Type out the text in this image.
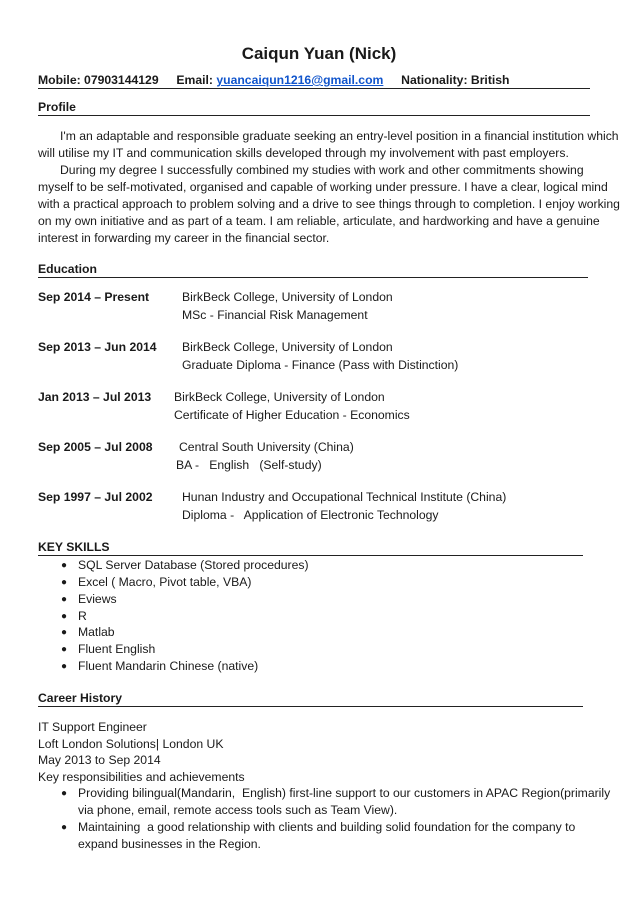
Caiqun Yuan (Nick)
Mobile: 07903144129 Email: yuancaiqun1216@gmail.com Nationality: British
Profile
I'm an adaptable and responsible graduate seeking an entry-level position in a financial institution which
will utilise my IT and communication skills developed through my involvement with past employers.
During my degree I successfully combined my studies with work and other commitments showing
myself to be self-motivated, organised and capable of working under pressure. I have a clear, logical mind
with a practical approach to problem solving and a drive to see things through to completion. I enjoy working
on my own initiative and as part of a team. I am reliable, articulate, and hardworking and have a genuine
interest in forwarding my career in the financial sector.
Education
Sep 2014 – Present	BirkBeck College, University of London
MSc - Financial Risk Management
Sep 2013 – Jun 2014 BirkBeck College, University of London
Graduate Diploma - Finance (Pass with Distinction)
Jan 2013 – Jul 2013 BirkBeck College, University of London
Certificate of Higher Education - Economics
Sep 2005 – Jul 2008 Central South University (China)
BA -   English   (Self-study)
Sep 1997 – Jul 2002 Hunan Industry and Occupational Technical Institute (China)
Diploma -   Application of Electronic Technology
KEY SKILLS
● SQL Server Database (Stored procedures)
● Excel ( Macro, Pivot table, VBA)
● Eviews
● R
● Matlab
● Fluent English
● Fluent Mandarin Chinese (native)
Career History
IT Support Engineer
Loft London Solutions| London UK
May 2013 to Sep 2014
Key responsibilities and achievements
● Providing bilingual(Mandarin,  English) first-line support to our customers in APAC Region(primarily
via phone, email, remote access tools such as Team View).
● Maintaining  a good relationship with clients and building solid foundation for the company to
expand businesses in the Region.
